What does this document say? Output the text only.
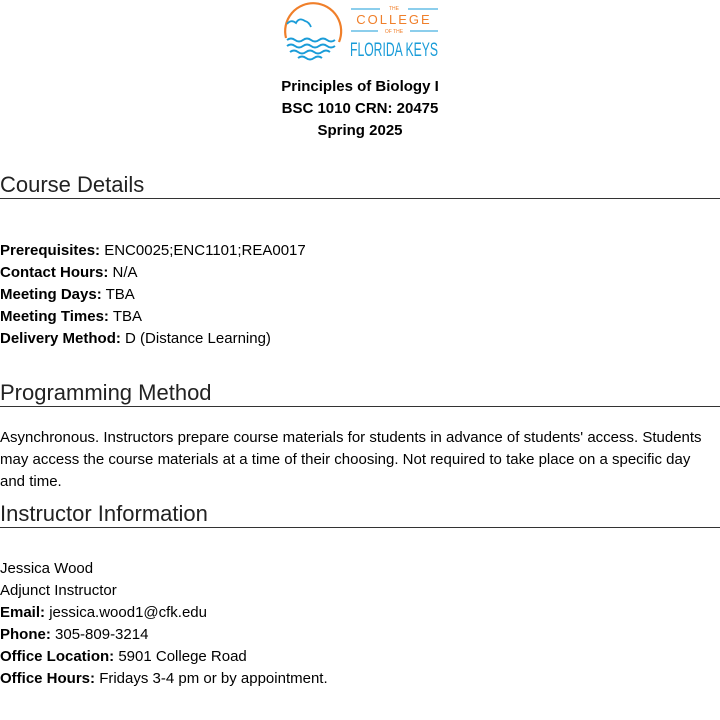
THE
COLLEGE
OF THE
FLORIDA KEYS
Principles of Biology I
BSC 1010 CRN: 20475
Spring 2025
Course Details
Prerequisites: ENC0025;ENC1101;REA0017
Contact Hours: N/A
Meeting Days: TBA
Meeting Times: TBA
Delivery Method: D (Distance Learning)
Programming Method

Asynchronous. Instructors prepare course materials for students in advance of students' access. Students may access the course materials at a time of their choosing. Not required to take place on a specific day and time.

Instructor Information
Jessica Wood
Adjunct Instructor
Email: jessica.wood1@cfk.edu
Phone: 305-809-3214
Office Location: 5901 College Road
Office Hours: Fridays 3-4 pm or by appointment.
